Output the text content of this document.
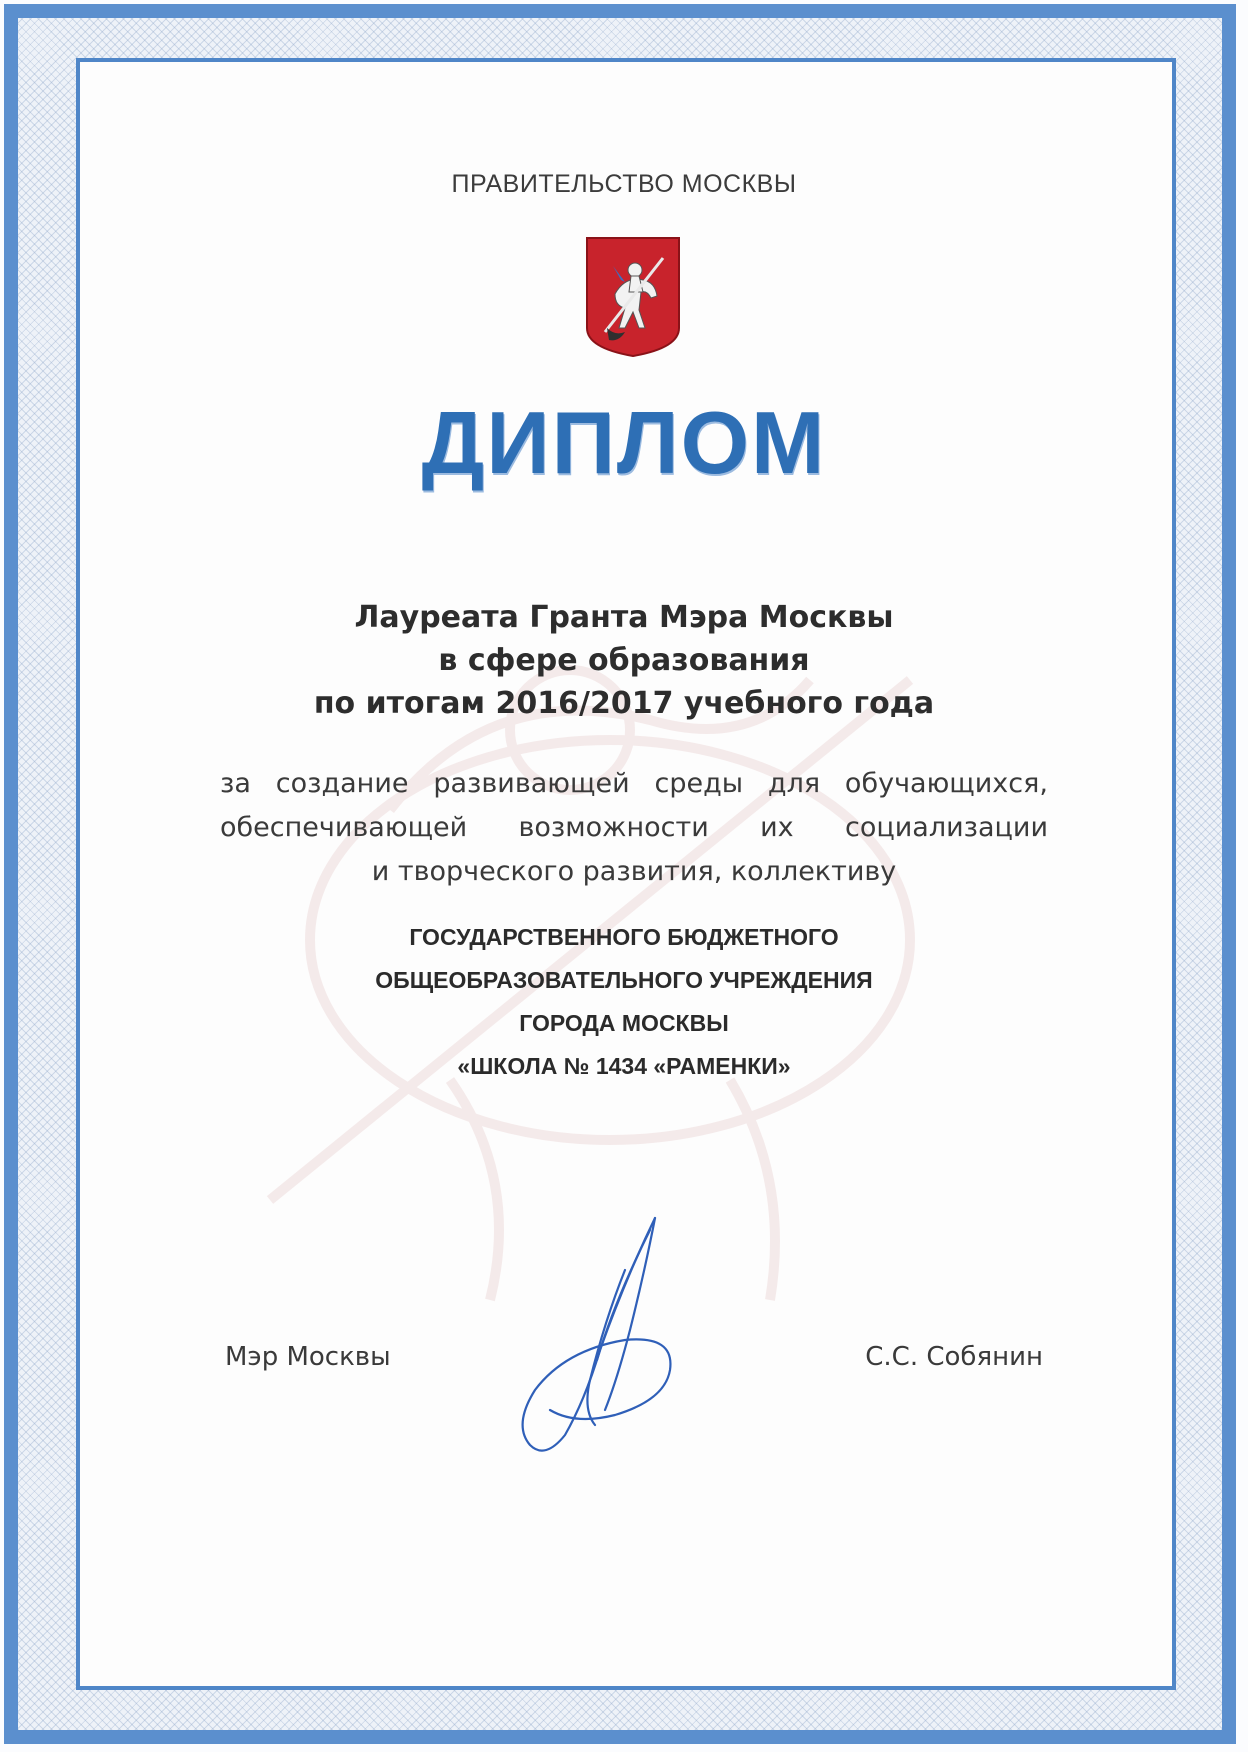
ПРАВИТЕЛЬСТВО МОСКВЫ
ДИПЛОМ
Лауреата Гранта Мэра Москвы
в сфере образования
по итогам 2016/2017 учебного года
за создание развивающей среды для обучающихся,
обеспечивающей возможности их социализации
и творческого развития, коллективу
ГОСУДАРСТВЕННОГО БЮДЖЕТНОГО
ОБЩЕОБРАЗОВАТЕЛЬНОГО УЧРЕЖДЕНИЯ
ГОРОДА МОСКВЫ
«ШКОЛА № 1434 «РАМЕНКИ»
Мэр Москвы	С.С. Собянин
